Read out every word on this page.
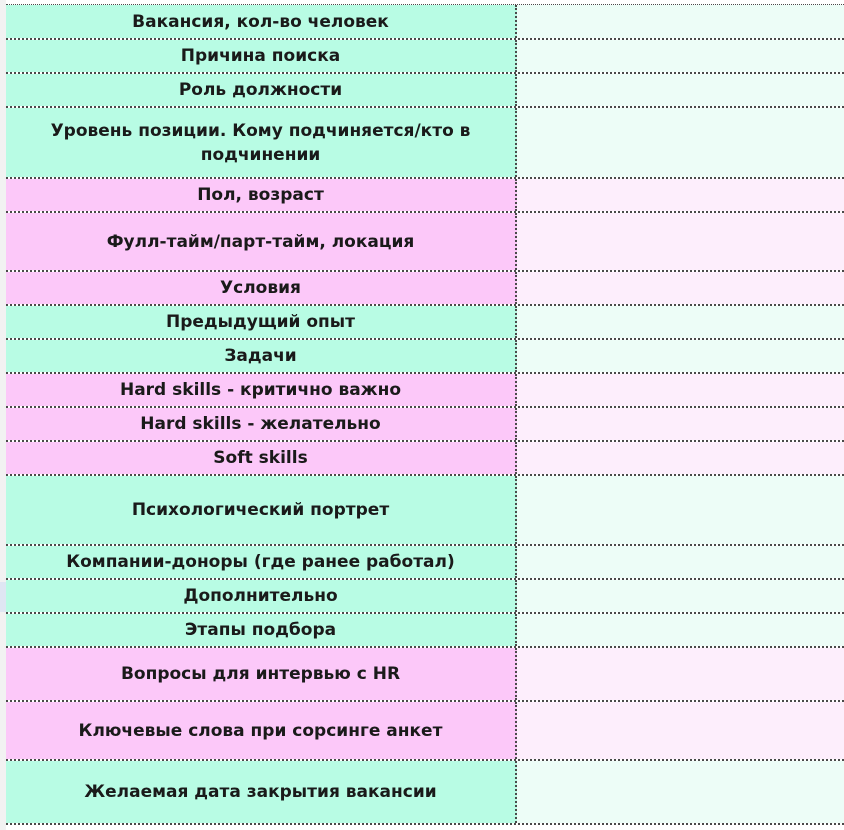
Вакансия, кол-во человек
Причина поиска
Роль должности
Уровень позиции. Кому подчиняется/кто в подчинении
Пол, возраст
Фулл-тайм/парт-тайм, локация
Условия
Предыдущий опыт
Задачи
Hard skills - критично важно
Hard skills - желательно
Soft skills
Психологический портрет
Компании-доноры (где ранее работал)
Дополнительно
Этапы подбора
Вопросы для интервью с HR
Ключевые слова при сорсинге анкет
Желаемая дата закрытия вакансии
